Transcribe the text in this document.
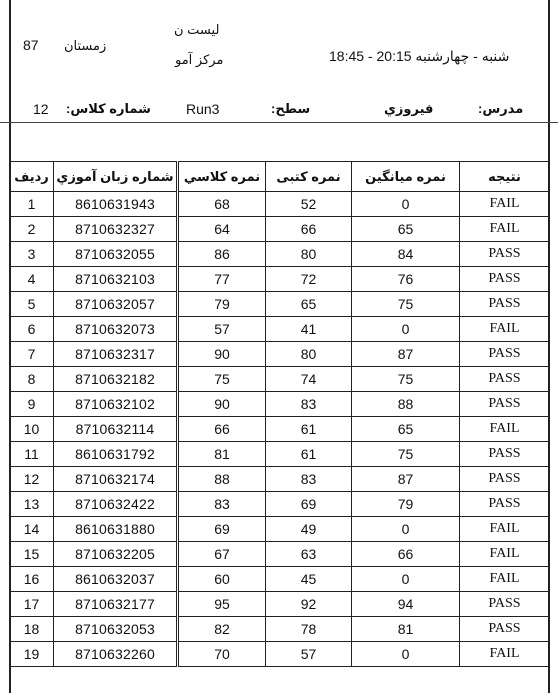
87 زمستان
لیست ن
مرکز آمو	شنبه - چهارشنبه 20:15 - 18:45
12 شماره کلاس:	Run3	سطح:	فیروزي	مدرس:
رديف	شماره زبان آموزي		نمره کلاسي	نمره کتبی	نمره میانگین	نتیجه
1	8610631943		68	52	0	FAIL
2	8710632327		64	66	65	FAIL
3	8710632055		86	80	84	PASS
4	8710632103		77	72	76	PASS
5	8710632057		79	65	75	PASS
6	8710632073		57	41	0	FAIL
7	8710632317		90	80	87	PASS
8	8710632182		75	74	75	PASS
9	8710632102		90	83	88	PASS
10	8710632114		66	61	65	FAIL
11	8610631792		81	61	75	PASS
12	8710632174		88	83	87	PASS
13	8710632422		83	69	79	PASS
14	8610631880		69	49	0	FAIL
15	8710632205		67	63	66	FAIL
16	8610632037		60	45	0	FAIL
17	8710632177		95	92	94	PASS
18	8710632053		82	78	81	PASS
19	8710632260		70	57	0	FAIL
